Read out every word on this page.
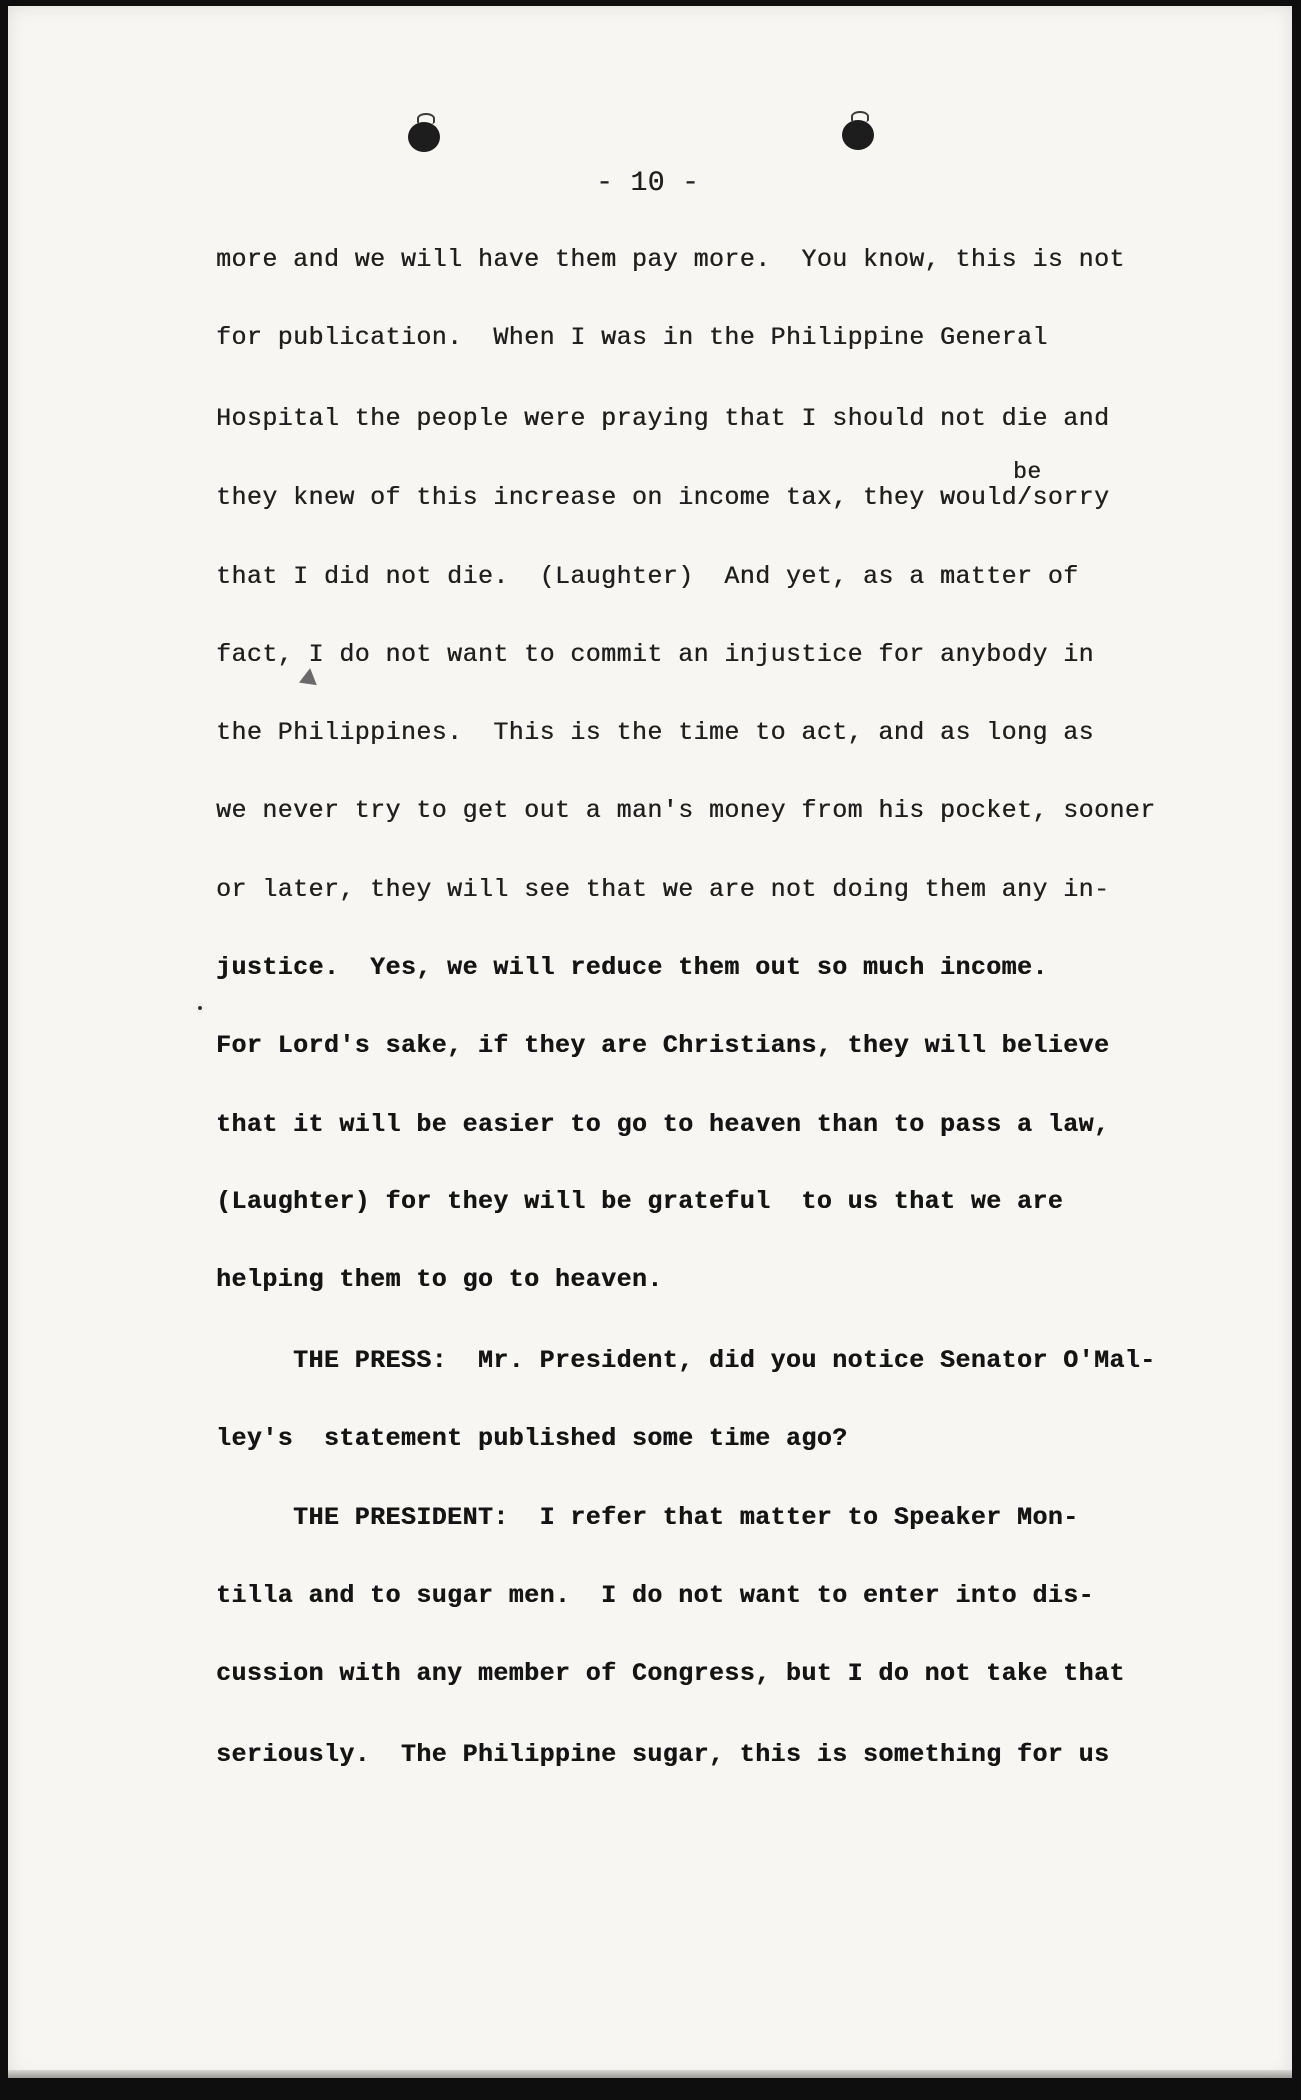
- 10 -
be
more and we will have them pay more.  You know, this is not
for publication.  When I was in the Philippine General
Hospital the people were praying that I should not die and
they knew of this increase on income tax, they would/sorry
that I did not die.  (Laughter)  And yet, as a matter of
fact, I do not want to commit an injustice for anybody in
the Philippines.  This is the time to act, and as long as
we never try to get out a man's money from his pocket, sooner
or later, they will see that we are not doing them any in-
justice.  Yes, we will reduce them out so much income.
For Lord's sake, if they are Christians, they will believe
that it will be easier to go to heaven than to pass a law,
(Laughter) for they will be grateful  to us that we are
helping them to go to heaven.
THE PRESS:  Mr. President, did you notice Senator O'Mal-
ley's  statement published some time ago?
THE PRESIDENT:  I refer that matter to Speaker Mon-
tilla and to sugar men.  I do not want to enter into dis-
cussion with any member of Congress, but I do not take that
seriously.  The Philippine sugar, this is something for us
